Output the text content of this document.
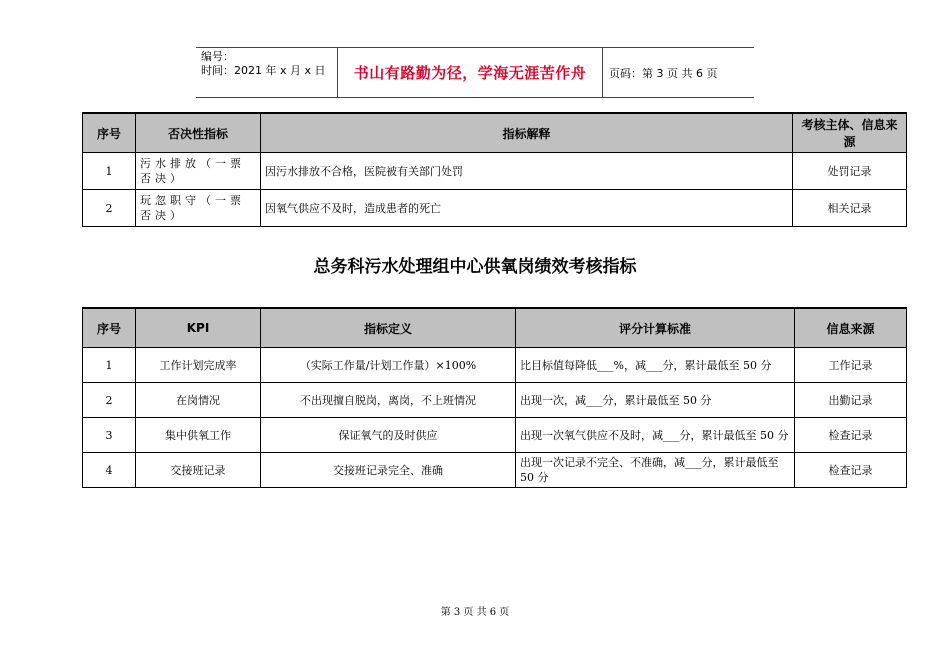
编号：
时间：2021 年 x 月 x 日	书山有路勤为径，学海无涯苦作舟	页码：第 3 页 共 6 页
序号	否决性指标	指标解释	考核主体、信息来源
1	污水排放（一票否决）	因污水排放不合格，医院被有关部门处罚	处罚记录
2	玩忽职守（一票否决）	因氧气供应不及时，造成患者的死亡	相关记录
总务科污水处理组中心供氧岗绩效考核指标
序号	KPI	指标定义	评分计算标准	信息来源
1	工作计划完成率	（实际工作量/计划工作量）×100%	比目标值每降低___%，减___分，累计最低至 50 分	工作记录
2	在岗情况	不出现擅自脱岗，离岗，不上班情况	出现一次，减___分，累计最低至 50 分	出勤记录
3	集中供氧工作	保证氧气的及时供应	出现一次氧气供应不及时，减___分，累计最低至 50 分	检查记录
4	交接班记录	交接班记录完全、准确	出现一次记录不完全、不准确，减___分，累计最低至 50 分	检查记录
第 3 页 共 6 页
